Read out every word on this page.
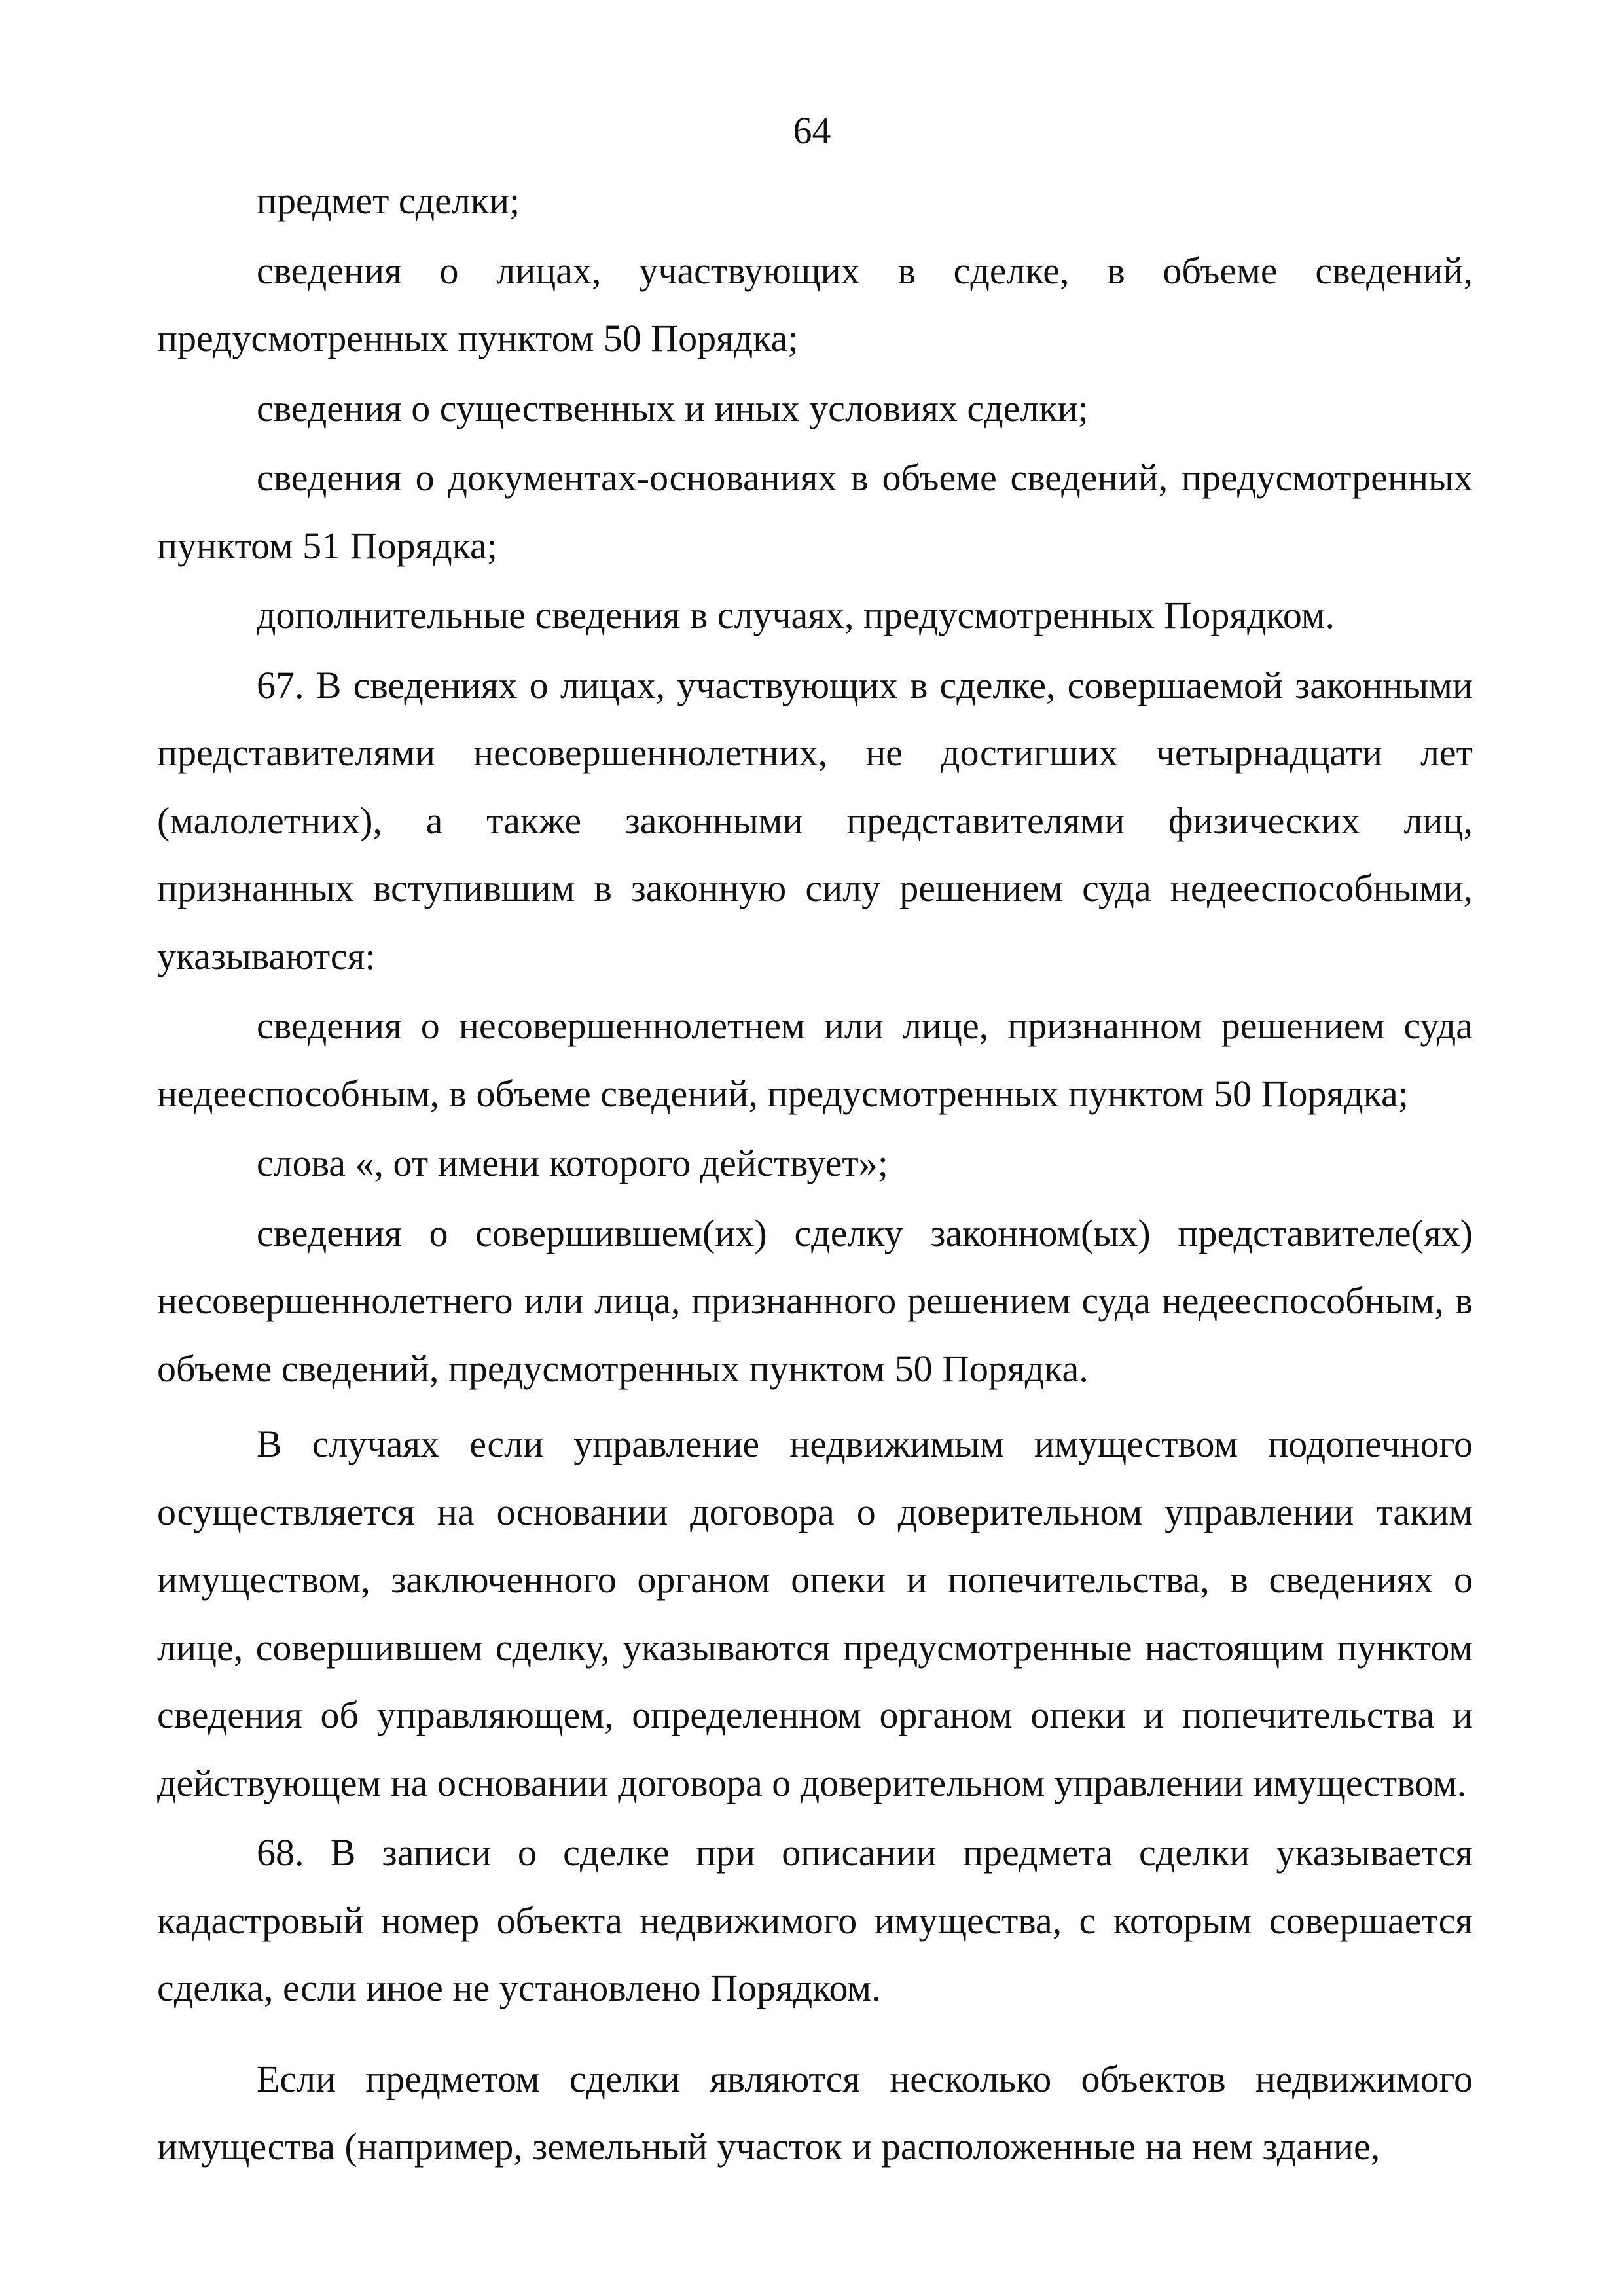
64

предмет сделки;

сведения о лицах, участвующих в сделке, в объеме сведений, предусмотренных пунктом 50 Порядка;

сведения о существенных и иных условиях сделки;

сведения о документах-основаниях в объеме сведений, предусмотренных пунктом 51 Порядка;

дополнительные сведения в случаях, предусмотренных Порядком.

67. В сведениях о лицах, участвующих в сделке, совершаемой законными представителями несовершеннолетних, не достигших четырнадцати лет (малолетних), а также законными представителями физических лиц, признанных вступившим в законную силу решением суда недееспособными, указываются:

сведения о несовершеннолетнем или лице, признанном решением суда недееспособным, в объеме сведений, предусмотренных пунктом 50 Порядка;

слова «, от имени которого действует»;

сведения о совершившем(их) сделку законном(ых) представителе(ях) несовершеннолетнего или лица, признанного решением суда недееспособным, в объеме сведений, предусмотренных пунктом 50 Порядка.

В случаях если управление недвижимым имуществом подопечного осуществляется на основании договора о доверительном управлении таким имуществом, заключенного органом опеки и попечительства, в сведениях о лице, совершившем сделку, указываются предусмотренные настоящим пунктом сведения об управляющем, определенном органом опеки и попечительства и действующем на основании договора о доверительном управлении имуществом.

68. В записи о сделке при описании предмета сделки указывается кадастровый номер объекта недвижимого имущества, с которым совершается сделка, если иное не установлено Порядком.

Если предметом сделки являются несколько объектов недвижимого имущества (например, земельный участок и расположенные на нем здание,
